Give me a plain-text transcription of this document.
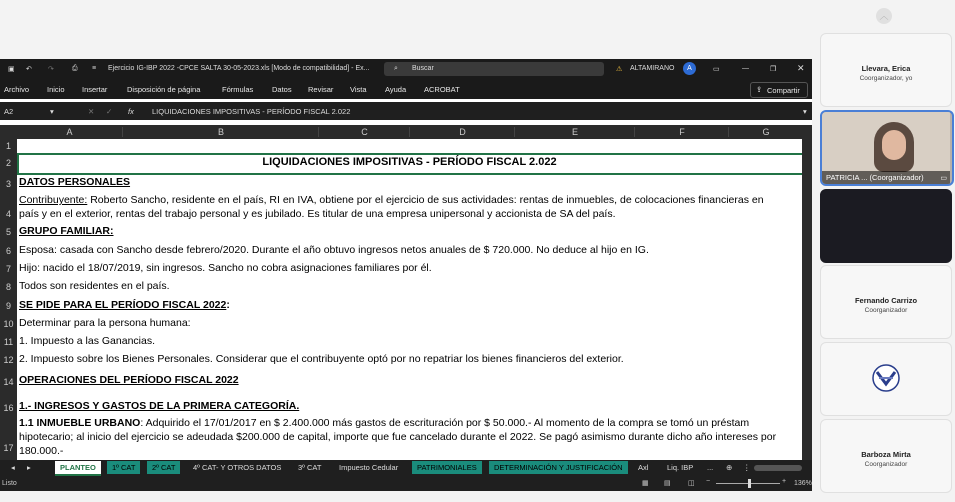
▣ ↶ ↷	⎙ ≡ Ejercicio IG-IBP 2022 -CPCE SALTA 30-05-2023.xls [Modo de compatibilidad] - Ex...	⌕ Buscar	⚠ ALTAMIRANO	A	▭	—	❐ ✕
Archivo Inicio Insertar	Disposición de página	Fórmulas Datos Revisar Vista Ayuda ACROBAT	⇪ Compartir
A2	▾	✕ ✓ fx LIQUIDACIONES IMPOSITIVAS - PERÍODO FISCAL 2.022	▾
A	B	C	D	E	F	G
1
2
3
4
5
6
7
8
9
10
11
12
14
16
17
LIQUIDACIONES IMPOSITIVAS - PERÍODO FISCAL 2.022
DATOS PERSONALES
Contribuyente: Roberto Sancho, residente en el país, RI en IVA, obtiene por el ejercicio de sus actividades: rentas de inmuebles, de colocaciones financieras en
país y en el exterior, rentas del trabajo personal y es jubilado. Es titular de una empresa unipersonal y accionista de SA del país.
GRUPO FAMILIAR:
Esposa: casada con Sancho desde febrero/2020. Durante el año obtuvo ingresos netos anuales de $ 720.000. No deduce al hijo en IG.
Hijo: nacido el 18/07/2019, sin ingresos. Sancho no cobra asignaciones familiares por él.
Todos son residentes en el país.
SE PIDE PARA EL PERÍODO FISCAL 2022:
Determinar para la persona humana:
1. Impuesto a las Ganancias.
2. Impuesto sobre los Bienes Personales. Considerar que el contribuyente optó por no repatriar los bienes financieros del exterior.
OPERACIONES DEL PERÍODO FISCAL 2022
1.- INGRESOS Y GASTOS DE LA PRIMERA CATEGORÍA.
1.1 INMUEBLE URBANO: Adquirido el 17/01/2017 en $ 2.400.000 más gastos de escrituración por $ 50.000.- Al momento de la compra se tomó un préstam
hipotecario; al inicio del ejercicio se adeudada $200.000 de capital, importe que fue cancelado durante el 2022. Se pagó asimismo durante dicho año intereses por
180.000.-
◂	▸	PLANTEO	1º CAT	2º CAT	4º CAT- Y OTROS DATOS	3º CAT	Impuesto Cedular	PATRIMONIALES	DETERMINACIÓN Y JUSTIFICACIÓN	Axl	Liq. IBP	...	⊕	⋮
Listo	▦ ▤ ◫ −	+ 136%
︿
Llevara, Erica
Coorganizador, yo
PATRICIA ... (Coorganizador)	▭
Fernando Carrizo
Coorganizador
Barboza Mirta
Coorganizador
